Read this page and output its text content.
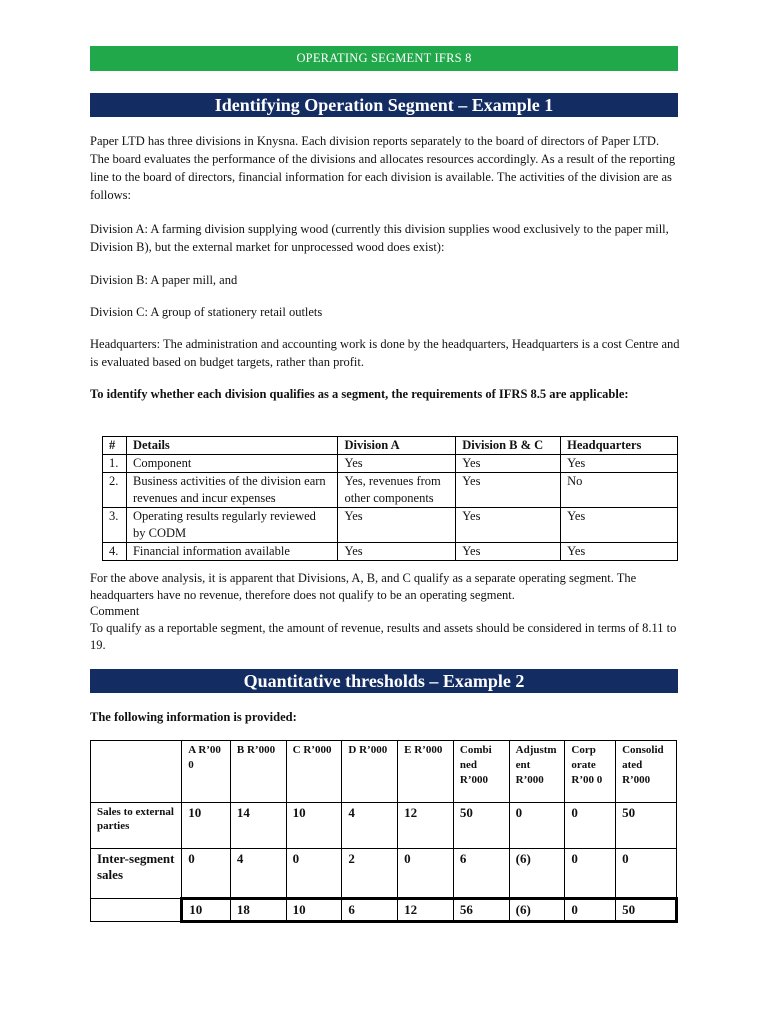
OPERATING SEGMENT IFRS 8
Identifying Operation Segment – Example 1

Paper LTD has three divisions in Knysna. Each division reports separately to the board of directors of Paper LTD. The board evaluates the performance of the divisions and allocates resources accordingly. As a result of the reporting line to the board of directors, financial information for each division is available. The activities of the division are as follows:

Division A: A farming division supplying wood (currently this division supplies wood exclusively to the paper mill, Division B), but the external market for unprocessed wood does exist):

Division B: A paper mill, and

Division C: A group of stationery retail outlets

Headquarters: The administration and accounting work is done by the headquarters, Headquarters is a cost Centre and is evaluated based on budget targets, rather than profit.

To identify whether each division qualifies as a segment, the requirements of IFRS 8.5 are applicable:

#	Details	Division A	Division B & C	Headquarters
1.	Component	Yes	Yes	Yes
2.	Business activities of the division earn revenues and incur expenses	Yes, revenues from other components	Yes	No
3.	Operating results regularly reviewed by CODM	Yes	Yes	Yes
4.	Financial information available	Yes	Yes	Yes

For the above analysis, it is apparent that Divisions, A, B, and C qualify as a separate operating segment. The headquarters have no revenue, therefore does not qualify to be an operating segment.

Comment

To qualify as a reportable segment, the amount of revenue, results and assets should be considered in terms of 8.11 to 19.

Quantitative thresholds – Example 2

The following information is provided:

	A R’00 0	B R’000	C R’000	D R’000	E R’000	Combi ned R’000	Adjustm ent R’000	Corp orate R’00 0	Consolid ated R’000
Sales to external parties	10	14	10	4	12	50	0	0	50
Inter-segment sales	0	4	0	2	0	6	(6)	0	0
	10	18	10	6	12	56	(6)	0	50
